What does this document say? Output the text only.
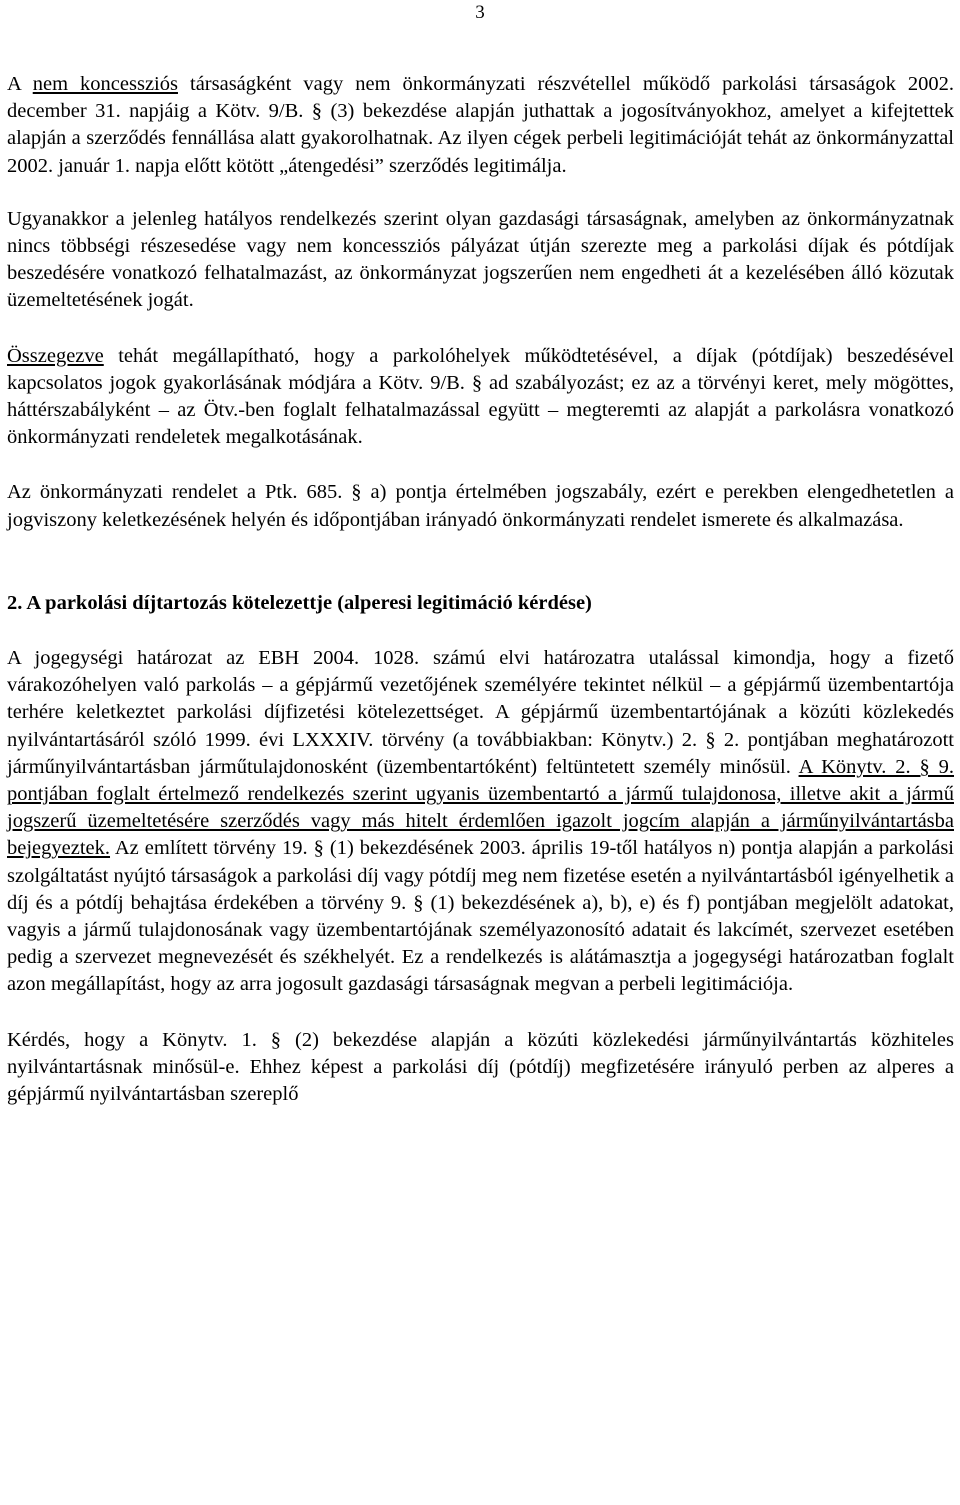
3

A nem koncessziós társaságként vagy nem önkormányzati részvétellel működő parkolási társaságok 2002. december 31. napjáig a Kötv. 9/B. § (3) bekezdése alapján juthattak a jogosítványokhoz, amelyet a kifejtettek alapján a szerződés fennállása alatt gyakorolhatnak. Az ilyen cégek perbeli legitimációját tehát az önkormányzattal 2002. január 1. napja előtt kötött „átengedési” szerződés legitimálja.

Ugyanakkor a jelenleg hatályos rendelkezés szerint olyan gazdasági társaságnak, amelyben az önkormányzatnak nincs többségi részesedése vagy nem koncessziós pályázat útján szerezte meg a parkolási díjak és pótdíjak beszedésére vonatkozó felhatalmazást, az önkormányzat jogszerűen nem engedheti át a kezelésében álló közutak üzemeltetésének jogát.

Összegezve tehát megállapítható, hogy a parkolóhelyek működtetésével, a díjak (pótdíjak) beszedésével kapcsolatos jogok gyakorlásának módjára a Kötv. 9/B. § ad szabályozást; ez az a törvényi keret, mely mögöttes, háttérszabályként – az Ötv.-ben foglalt felhatalmazással együtt – megteremti az alapját a parkolásra vonatkozó önkormányzati rendeletek megalkotásának.

Az önkormányzati rendelet a Ptk. 685. § a) pontja értelmében jogszabály, ezért e perekben elengedhetetlen a jogviszony keletkezésének helyén és időpontjában irányadó önkormányzati rendelet ismerete és alkalmazása.

2. A parkolási díjtartozás kötelezettje (alperesi legitimáció kérdése)

A jogegységi határozat az EBH 2004. 1028. számú elvi határozatra utalással kimondja, hogy a fizető várakozóhelyen való parkolás – a gépjármű vezetőjének személyére tekintet nélkül – a gépjármű üzembentartója terhére keletkeztet parkolási díjfizetési kötelezettséget. A gépjármű üzembentartójának a közúti közlekedés nyilvántartásáról szóló 1999. évi LXXXIV. törvény (a továbbiakban: Könytv.) 2. § 2. pontjában meghatározott járműnyilvántartásban járműtulajdonosként (üzembentartóként) feltüntetett személy minősül. A Könytv. 2. § 9. pontjában foglalt értelmező rendelkezés szerint ugyanis üzembentartó a jármű tulajdonosa, illetve akit a jármű jogszerű üzemeltetésére szerződés vagy más hitelt érdemlően igazolt jogcím alapján a járműnyilvántartásba bejegyeztek. Az említett törvény 19. § (1) bekezdésének 2003. április 19-től hatályos n) pontja alapján a parkolási szolgáltatást nyújtó társaságok a parkolási díj vagy pótdíj meg nem fizetése esetén a nyilvántartásból igényelhetik a díj és a pótdíj behajtása érdekében a törvény 9. § (1) bekezdésének a), b), e) és f) pontjában megjelölt adatokat, vagyis a jármű tulajdonosának vagy üzembentartójának személyazonosító adatait és lakcímét, szervezet esetében pedig a szervezet megnevezését és székhelyét. Ez a rendelkezés is alátámasztja a jogegységi határozatban foglalt azon megállapítást, hogy az arra jogosult gazdasági társaságnak megvan a perbeli legitimációja.

Kérdés, hogy a Könytv. 1. § (2) bekezdése alapján a közúti közlekedési járműnyilvántartás közhiteles nyilvántartásnak minősül-e. Ehhez képest a parkolási díj (pótdíj) megfizetésére irányuló perben az alperes a gépjármű nyilvántartásban szereplő
